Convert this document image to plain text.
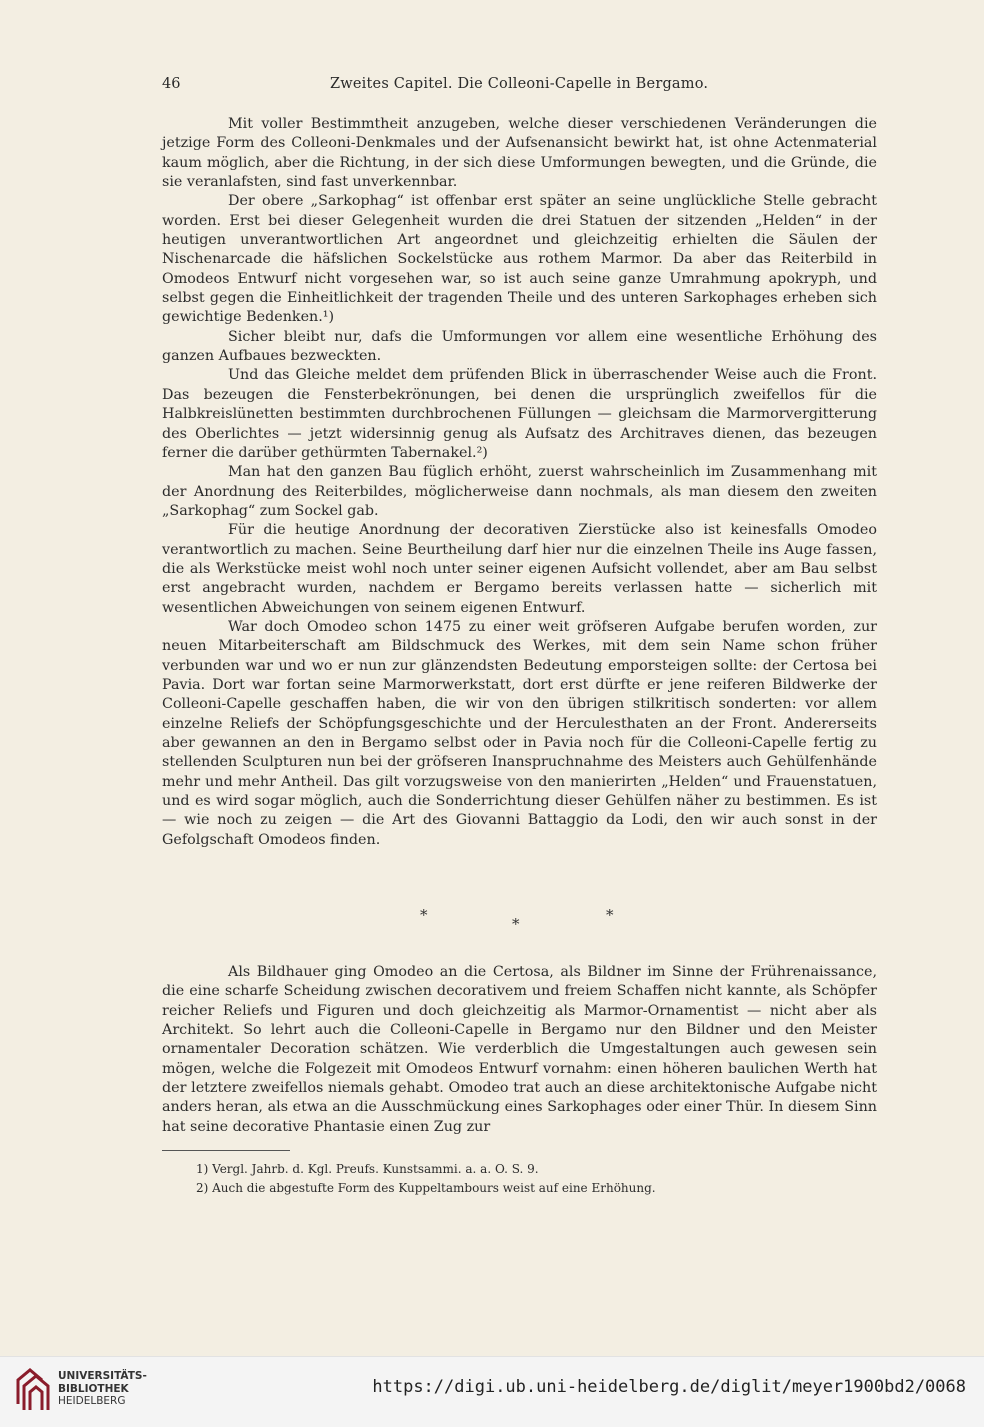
46	Zweites Capitel. Die Colleoni-Capelle in Bergamo.

Mit voller Bestimmtheit anzugeben, welche dieser verschiedenen Veränderungen die jetzige Form des Colleoni-Denkmales und der Aufsenansicht bewirkt hat, ist ohne Actenmaterial kaum möglich, aber die Richtung, in der sich diese Umformungen bewegten, und die Gründe, die sie veranlafsten, sind fast unverkennbar.

Der obere „Sarkophag“ ist offenbar erst später an seine unglückliche Stelle gebracht worden. Erst bei dieser Gelegenheit wurden die drei Statuen der sitzenden „Helden“ in der heutigen unverantwortlichen Art angeordnet und gleichzeitig erhielten die Säulen der Nischenarcade die häfslichen Sockelstücke aus rothem Marmor. Da aber das Reiterbild in Omodeos Entwurf nicht vorgesehen war, so ist auch seine ganze Umrahmung apokryph, und selbst gegen die Einheitlichkeit der tragenden Theile und des unteren Sarkophages erheben sich gewichtige Bedenken.¹)

Sicher bleibt nur, dafs die Umformungen vor allem eine wesentliche Erhöhung des ganzen Aufbaues bezweckten.

Und das Gleiche meldet dem prüfenden Blick in überraschender Weise auch die Front. Das bezeugen die Fensterbekrönungen, bei denen die ursprünglich zweifellos für die Halbkreislünetten bestimmten durchbrochenen Füllungen — gleichsam die Marmorvergitterung des Oberlichtes — jetzt widersinnig genug als Aufsatz des Architraves dienen, das bezeugen ferner die darüber gethürmten Tabernakel.²)

Man hat den ganzen Bau füglich erhöht, zuerst wahrscheinlich im Zusammenhang mit der Anordnung des Reiterbildes, möglicherweise dann nochmals, als man diesem den zweiten „Sarkophag“ zum Sockel gab.

Für die heutige Anordnung der decorativen Zierstücke also ist keinesfalls Omodeo verantwortlich zu machen. Seine Beurtheilung darf hier nur die einzelnen Theile ins Auge fassen, die als Werkstücke meist wohl noch unter seiner eigenen Aufsicht vollendet, aber am Bau selbst erst angebracht wurden, nachdem er Bergamo bereits verlassen hatte — sicherlich mit wesentlichen Abweichungen von seinem eigenen Entwurf.

War doch Omodeo schon 1475 zu einer weit gröfseren Aufgabe berufen worden, zur neuen Mitarbeiterschaft am Bildschmuck des Werkes, mit dem sein Name schon früher verbunden war und wo er nun zur glänzendsten Bedeutung emporsteigen sollte: der Certosa bei Pavia. Dort war fortan seine Marmorwerkstatt, dort erst dürfte er jene reiferen Bildwerke der Colleoni-Capelle geschaffen haben, die wir von den übrigen stilkritisch sonderten: vor allem einzelne Reliefs der Schöpfungsgeschichte und der Herculesthaten an der Front. Andererseits aber gewannen an den in Bergamo selbst oder in Pavia noch für die Colleoni-Capelle fertig zu stellenden Sculpturen nun bei der gröfseren Inanspruchnahme des Meisters auch Gehülfenhände mehr und mehr Antheil. Das gilt vorzugsweise von den manierirten „Helden“ und Frauenstatuen, und es wird sogar möglich, auch die Sonderrichtung dieser Gehülfen näher zu bestimmen. Es ist — wie noch zu zeigen — die Art des Giovanni Battaggio da Lodi, den wir auch sonst in der Gefolgschaft Omodeos finden.

*	*	*

Als Bildhauer ging Omodeo an die Certosa, als Bildner im Sinne der Frührenaissance, die eine scharfe Scheidung zwischen decorativem und freiem Schaffen nicht kannte, als Schöpfer reicher Reliefs und Figuren und doch gleichzeitig als Marmor-Ornamentist — nicht aber als Architekt. So lehrt auch die Colleoni-Capelle in Bergamo nur den Bildner und den Meister ornamentaler Decoration schätzen. Wie verderblich die Umgestaltungen auch gewesen sein mögen, welche die Folgezeit mit Omodeos Entwurf vornahm: einen höheren baulichen Werth hat der letztere zweifellos niemals gehabt. Omodeo trat auch an diese architektonische Aufgabe nicht anders heran, als etwa an die Ausschmückung eines Sarkophages oder einer Thür. In diesem Sinn hat seine decorative Phantasie einen Zug zur

1) Vergl. Jahrb. d. Kgl. Preufs. Kunstsammi. a. a. O. S. 9.
2) Auch die abgestufte Form des Kuppeltambours weist auf eine Erhöhung.
UNIVERSITÄTS-
BIBLIOTHEK
HEIDELBERG
https://digi.ub.uni-heidelberg.de/diglit/meyer1900bd2/0068
